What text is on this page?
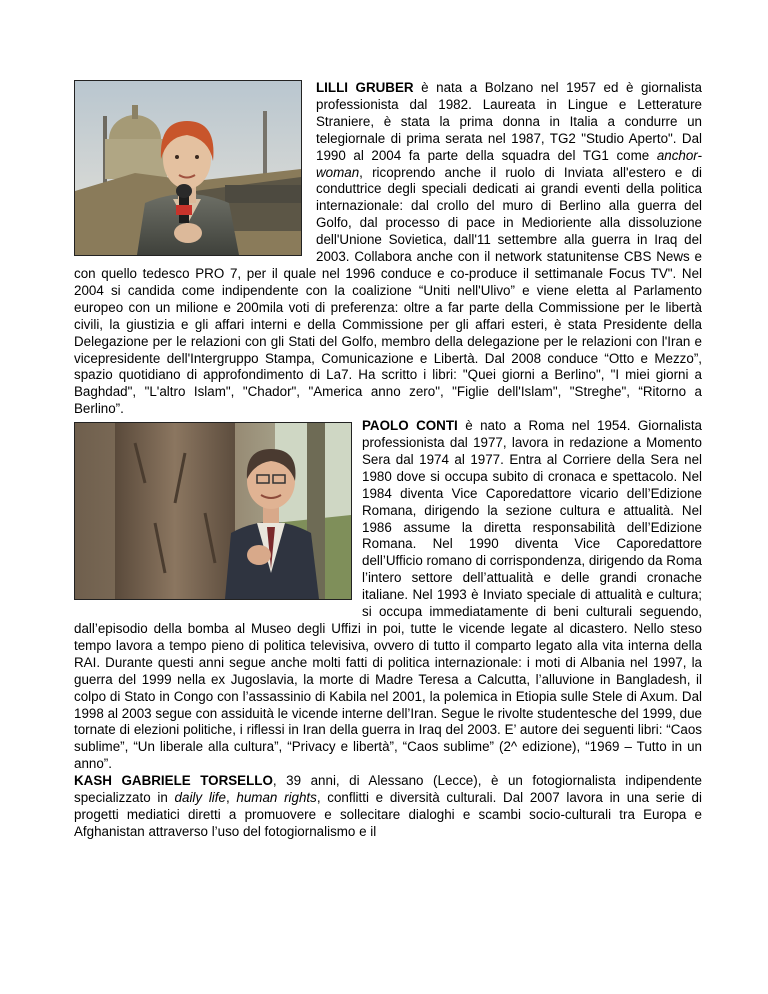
LILLI GRUBER è nata a Bolzano nel 1957 ed è giornalista professionista dal 1982. Laureata in Lingue e Letterature Straniere, è stata la prima donna in Italia a condurre un telegiornale di prima serata nel 1987, TG2 "Studio Aperto". Dal 1990 al 2004 fa parte della squadra del TG1 come anchor-woman, ricoprendo anche il ruolo di Inviata all'estero e di conduttrice degli speciali dedicati ai grandi eventi della politica internazionale: dal crollo del muro di Berlino alla guerra del Golfo, dal processo di pace in Medioriente alla dissoluzione dell'Unione Sovietica, dall'11 settembre alla guerra in Iraq del 2003. Collabora anche con il network statunitense CBS News e con quello tedesco PRO 7, per il quale nel 1996 conduce e co-produce il settimanale Focus TV". Nel 2004 si candida come indipendente con la coalizione “Uniti nell'Ulivo” e viene eletta al Parlamento europeo con un milione e 200mila voti di preferenza: oltre a far parte della Commissione per le libertà civili, la giustizia e gli affari interni e della Commissione per gli affari esteri, è stata Presidente della Delegazione per le relazioni con gli Stati del Golfo, membro della delegazione per le relazioni con l'Iran e vicepresidente dell'Intergruppo Stampa, Comunicazione e Libertà. Dal 2008 conduce “Otto e Mezzo”, spazio quotidiano di approfondimento di La7. Ha scritto i libri: "Quei giorni a Berlino", "I miei giorni a Baghdad", "L'altro Islam", "Chador", "America anno zero", "Figlie dell'Islam", "Streghe", “Ritorno a Berlino”.

PAOLO CONTI è nato a Roma nel 1954. Giornalista professionista dal 1977, lavora in redazione a Momento Sera dal 1974 al 1977. Entra al Corriere della Sera nel 1980 dove si occupa subito di cronaca e spettacolo. Nel 1984 diventa Vice Caporedattore vicario dell’Edizione Romana, dirigendo la sezione cultura e attualità. Nel 1986 assume la diretta responsabilità dell’Edizione Romana. Nel 1990 diventa Vice Caporedattore dell’Ufficio romano di corrispondenza, dirigendo da Roma l’intero settore dell’attualità e delle grandi cronache italiane. Nel 1993 è Inviato speciale di attualità e cultura; si occupa immediatamente di beni culturali seguendo, dall’episodio della bomba al Museo degli Uffizi in poi, tutte le vicende legate al dicastero. Nello steso tempo lavora a tempo pieno di politica televisiva, ovvero di tutto il comparto legato alla vita interna della RAI. Durante questi anni segue anche molti fatti di politica internazionale: i moti di Albania nel 1997, la guerra del 1999 nella ex Jugoslavia, la morte di Madre Teresa a Calcutta, l’alluvione in Bangladesh, il colpo di Stato in Congo con l’assassinio di Kabila nel 2001, la polemica in Etiopia sulle Stele di Axum. Dal 1998 al 2003 segue con assiduità le vicende interne dell’Iran. Segue le rivolte studentesche del 1999, due tornate di elezioni politiche, i riflessi in Iran della guerra in Iraq del 2003. E’ autore dei seguenti libri: “Caos sublime”, “Un liberale alla cultura”, “Privacy e libertà”, “Caos sublime” (2^ edizione), “1969 – Tutto in un anno”.

KASH GABRIELE TORSELLO, 39 anni, di Alessano (Lecce), è un fotogiornalista indipendente specializzato in daily life, human rights, conflitti e diversità culturali. Dal 2007 lavora in una serie di progetti mediatici diretti a promuovere e sollecitare dialoghi e scambi socio-culturali tra Europa e Afghanistan attraverso l’uso del fotogiornalismo e il
